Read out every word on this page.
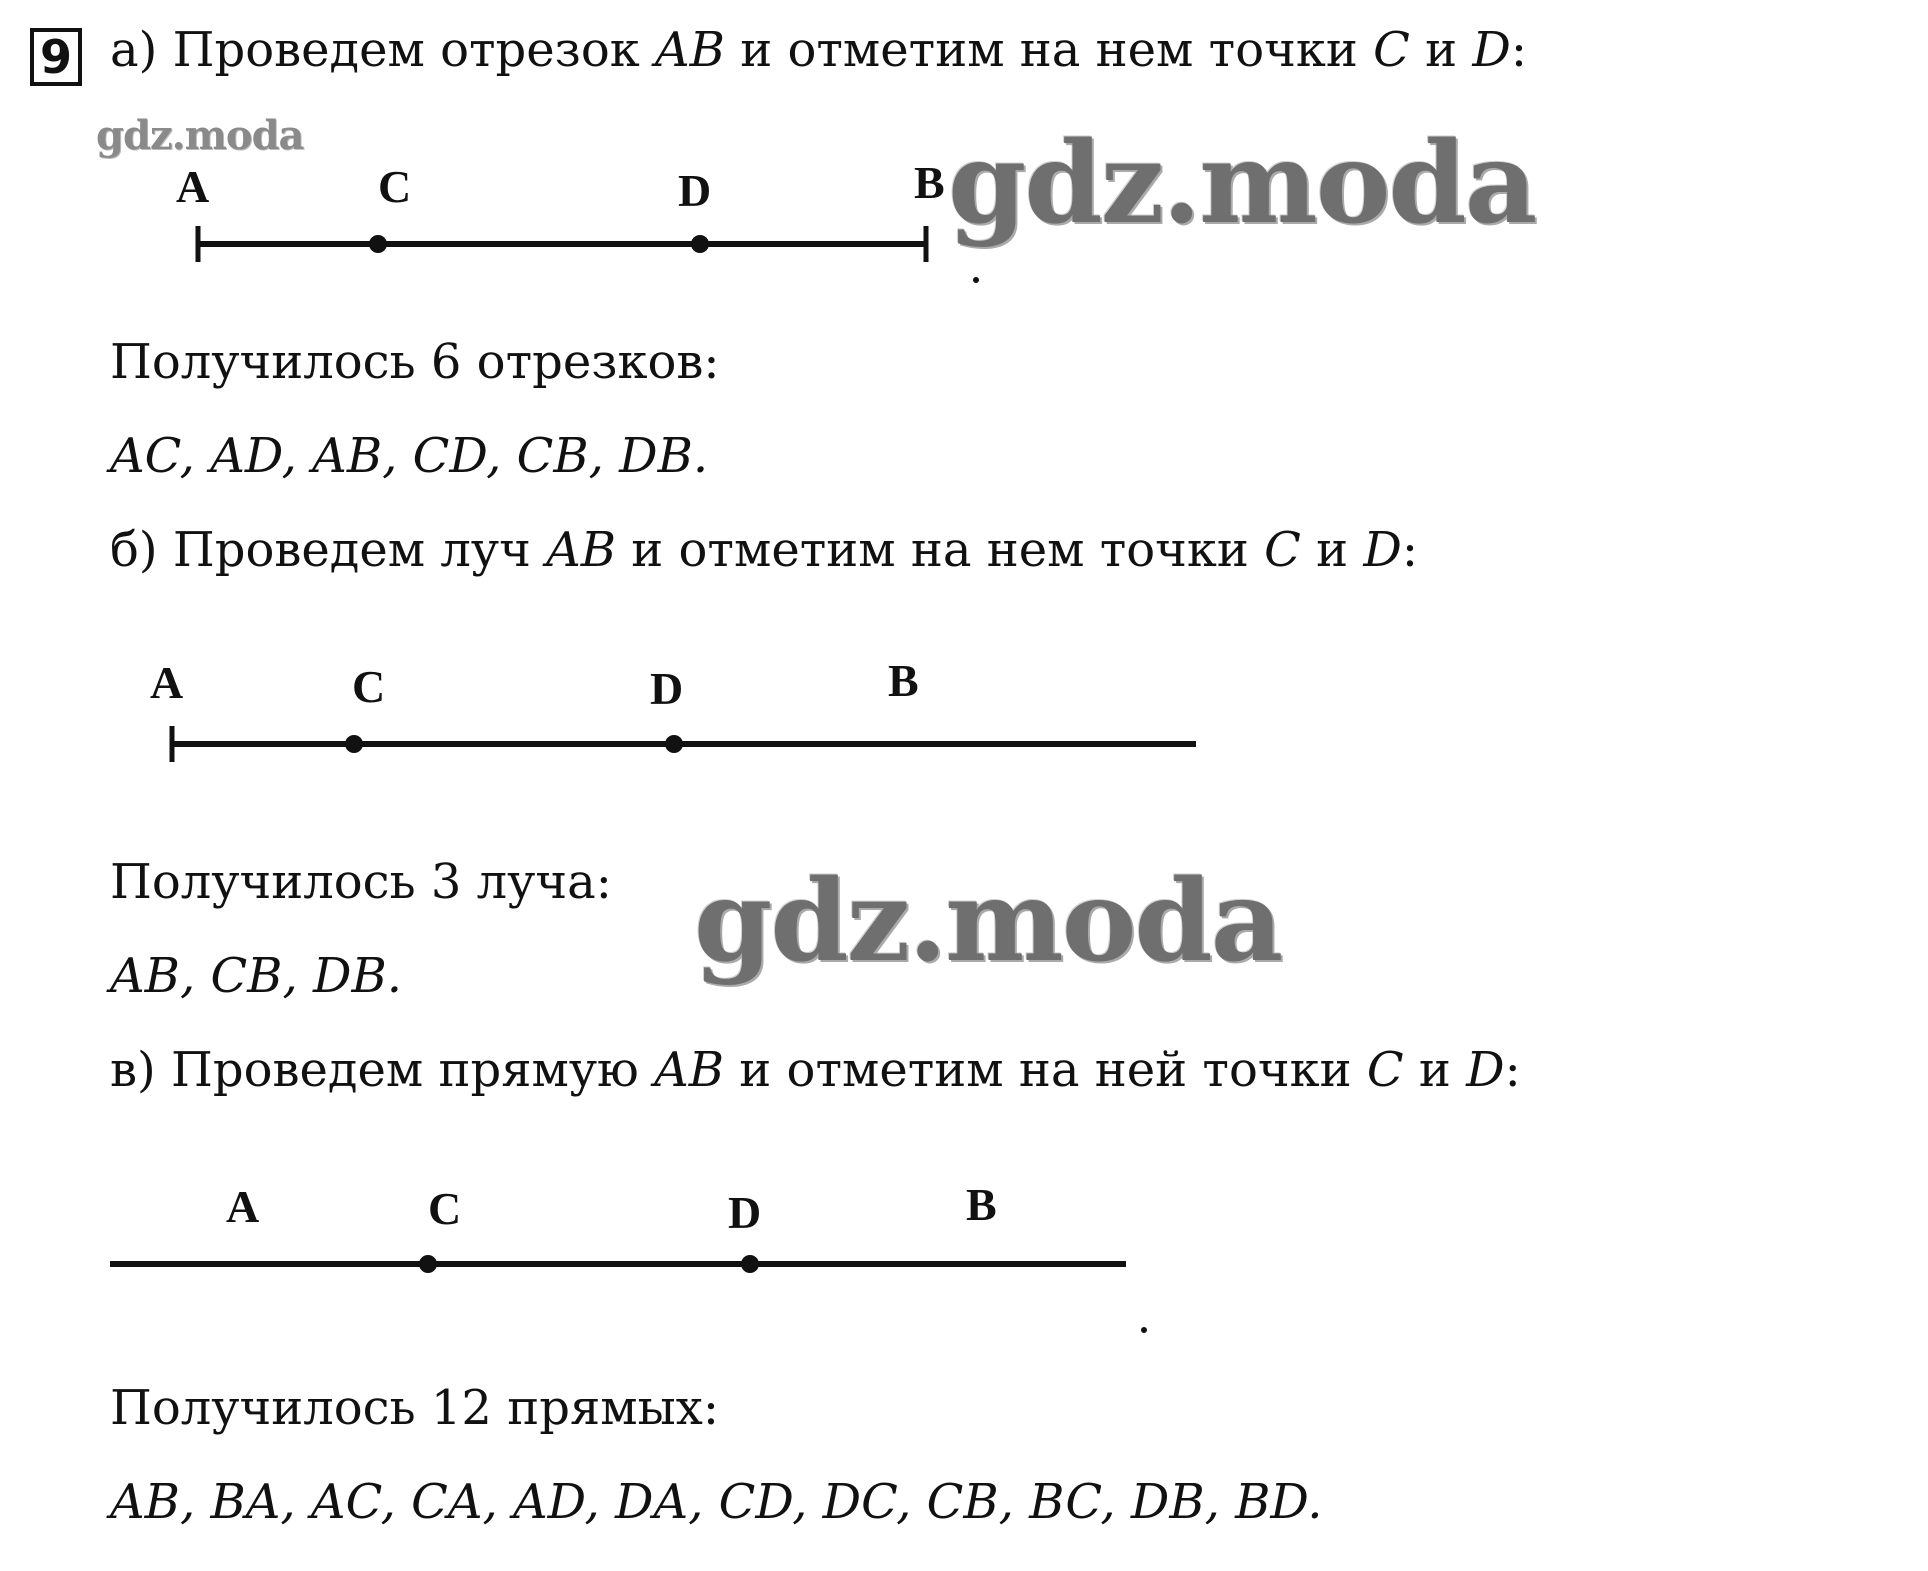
9 а) Проведем отрезок AB и отметим на нем точки C и D:
gdz.moda
A	C	D	B gdz.moda
Получилось 6 отрезков:
AC, AD, AB, CD, CB, DB.
б) Проведем луч AB и отметим на нем точки C и D:
A	C	D	B
Получилось 3 луча: gdz.moda
AB, CB, DB.
в) Проведем прямую AB и отметим на ней точки C и D:
A	C	D	B
Получилось 12 прямых:
AB, BA, AC, CA, AD, DA, CD, DC, CB, BC, DB, BD.
